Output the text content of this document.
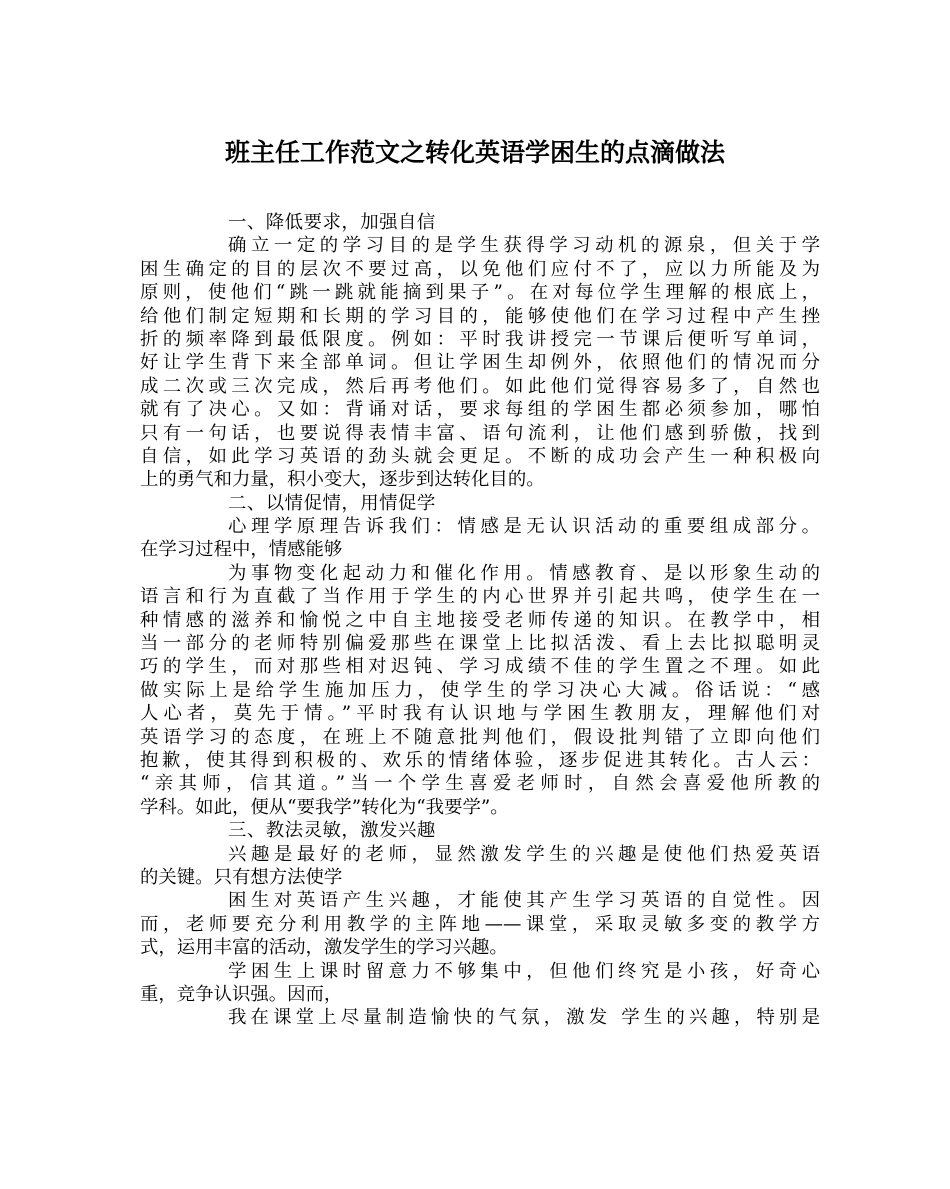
班主任工作范文之转化英语学困生的点滴做法
一、降低要求，加强自信
确立一定的学习目的是学生获得学习动机的源泉，但关于学
困生确定的目的层次不要过高，以免他们应付不了，应以力所能及为
原则，使他们“跳一跳就能摘到果子”。在对每位学生理解的根底上，
给他们制定短期和长期的学习目的，能够使他们在学习过程中产生挫
折的频率降到最低限度。例如：平时我讲授完一节课后便听写单词，
好让学生背下来全部单词。但让学困生却例外，依照他们的情况而分
成二次或三次完成，然后再考他们。如此他们觉得容易多了，自然也
就有了决心。又如：背诵对话，要求每组的学困生都必须参加，哪怕
只有一句话，也要说得表情丰富、语句流利，让他们感到骄傲，找到
自信，如此学习英语的劲头就会更足。不断的成功会产生一种积极向
上的勇气和力量，积小变大，逐步到达转化目的。
二、以情促情，用情促学
心理学原理告诉我们：情感是无认识活动的重要组成部分。
在学习过程中，情感能够
为事物变化起动力和催化作用。情感教育、是以形象生动的
语言和行为直截了当作用于学生的内心世界并引起共鸣，使学生在一
种情感的滋养和愉悦之中自主地接受老师传递的知识。在教学中，相
当一部分的老师特别偏爱那些在课堂上比拟活泼、看上去比拟聪明灵
巧的学生，而对那些相对迟钝、学习成绩不佳的学生置之不理。如此
做实际上是给学生施加压力，使学生的学习决心大减。俗话说：“感
人心者，莫先于情。”平时我有认识地与学困生教朋友，理解他们对
英语学习的态度，在班上不随意批判他们，假设批判错了立即向他们
抱歉，使其得到积极的、欢乐的情绪体验，逐步促进其转化。古人云：
“亲其师，信其道。”当一个学生喜爱老师时，自然会喜爱他所教的
学科。如此，便从“要我学”转化为“我要学”。
三、教法灵敏，激发兴趣
兴趣是最好的老师，显然激发学生的兴趣是使他们热爱英语
的关键。只有想方法使学
困生对英语产生兴趣，才能使其产生学习英语的自觉性。因
而，老师要充分利用教学的主阵地——课堂，采取灵敏多变的教学方
式，运用丰富的活动，激发学生的学习兴趣。
学困生上课时留意力不够集中，但他们终究是小孩，好奇心
重，竞争认识强。因而，
我在课堂上尽量制造愉快的气氛，激发 学生的兴趣，特别是
